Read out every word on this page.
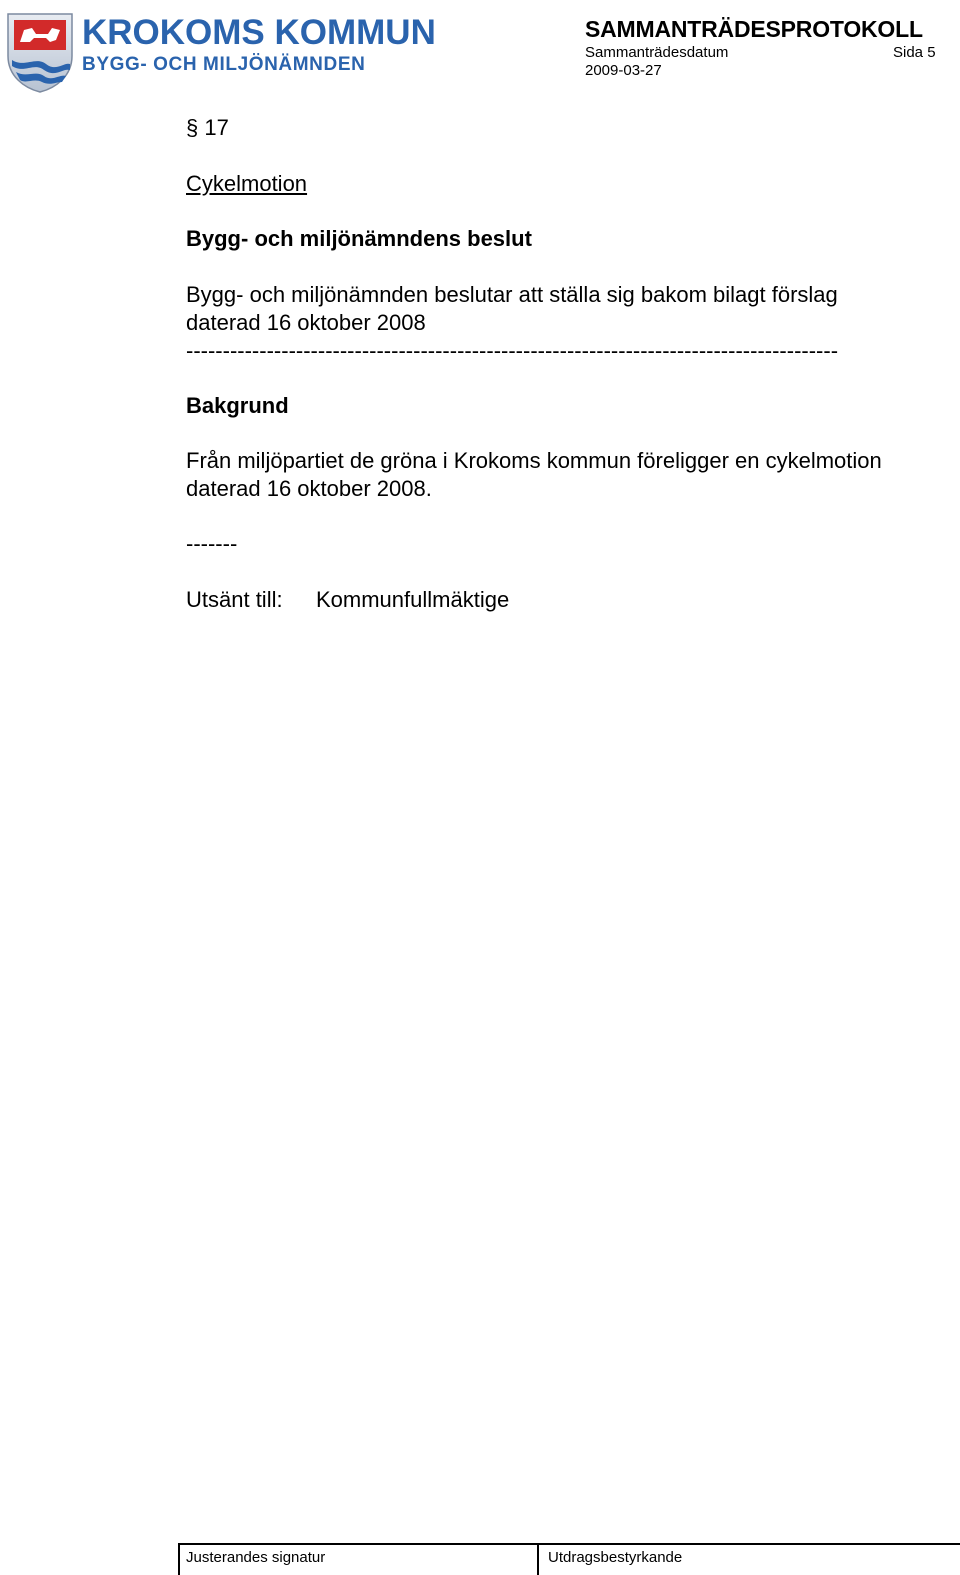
KROKOMS KOMMUN
BYGG- OCH MILJÖNÄMNDEN
SAMMANTRÄDESPROTOKOLL
Sammanträdesdatum	Sida 5
2009-03-27
§ 17
Cykelmotion
Bygg- och miljönämndens beslut
Bygg- och miljönämnden beslutar att ställa sig bakom bilagt förslag
daterad 16 oktober 2008
-----------------------------------------------------------------------------------------
Bakgrund
Från miljöpartiet de gröna i Krokoms kommun föreligger en cykelmotion
daterad 16 oktober 2008.
-------
Utsänt till: Kommunfullmäktige
Justerandes signatur	Utdragsbestyrkande
